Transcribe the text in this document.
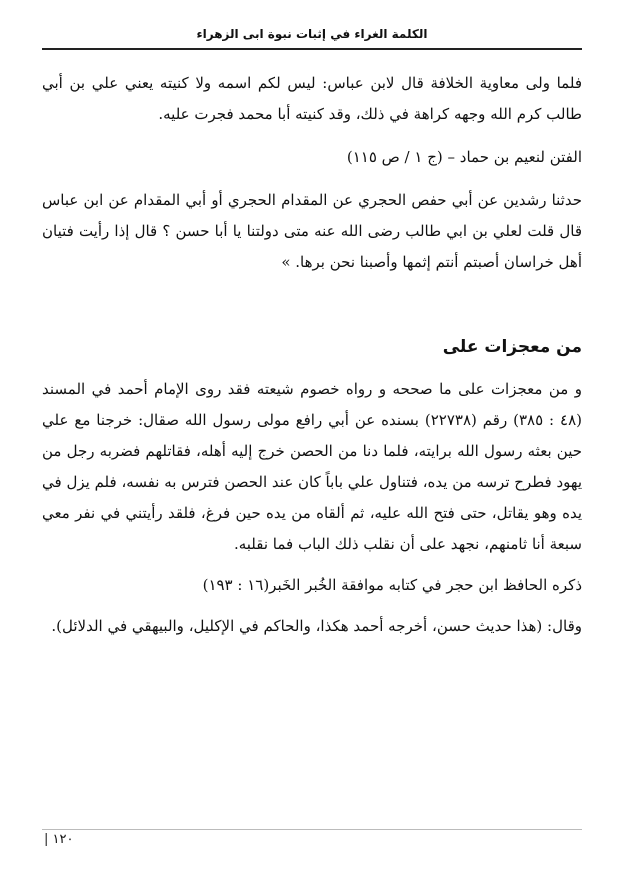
الكلمة الغراء في إثبات نبوة ابى الزهراء

فلما ولى معاوية الخلافة قال لابن عباس: ليس لكم اسمه ولا كنيته يعني علي بن أبي طالب كرم الله وجهه كراهة في ذلك، وقد كنيته أبا محمد فجرت عليه.

الفتن لنعيم بن حماد – (ج ١ / ص ١١٥)

حدثنا رشدين عن أبي حفص الحجري عن المقدام الحجري أو أبي المقدام عن ابن عباس قال قلت لعلي بن ابي طالب رضى الله عنه متى دولتنا يا أبا حسن ؟ قال إذا رأيت فتيان أهل خراسان أصبتم أنتم إثمها وأصبنا نحن برها. »

من معجزات على

و من معجزات على ما صححه و رواه خصوم شيعته فقد روى الإمام أحمد في المسند (٤٨ : ٣٨٥) رقم (٢٢٧٣٨) بسنده عن أبي رافع مولى رسول الله صقال: خرجنا مع علي حين بعثه رسول الله برايته، فلما دنا من الحصن خرج إليه أهله، فقاتلهم فضربه رجل من يهود فطرح ترسه من يده، فتناول علي باباً كان عند الحصن فترس به نفسه، فلم يزل في يده وهو يقاتل، حتى فتح الله عليه، ثم ألقاه من يده حين فرغ، فلقد رأيتني في نفر معي سبعة أنا ثامنهم، نجهد على أن نقلب ذلك الباب فما نقلبه.

ذكره الحافظ ابن حجر في كتابه موافقة الخُبر الخَبر(١٦ : ١٩٣)

وقال: (هذا حديث حسن، أخرجه أحمد هكذا، والحاكم في الإكليل، والبيهقي في الدلائل).

١٢٠ |
